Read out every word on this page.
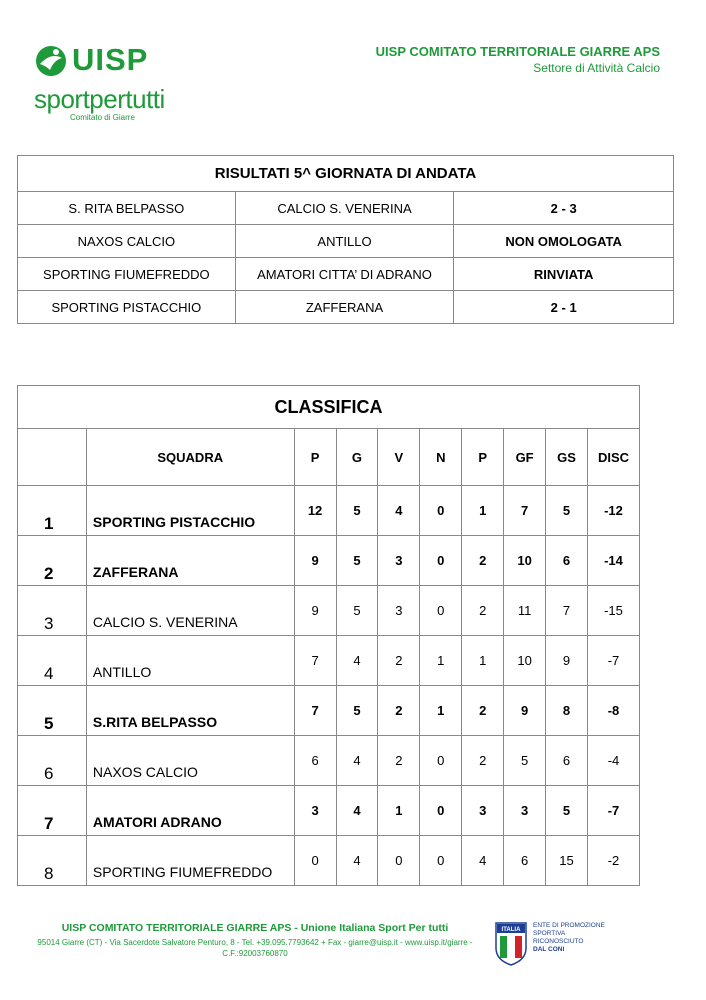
UISP
sportpertutti
Comitato di Giarre
UISP COMITATO TERRITORIALE GIARRE APS
Settore di Attività Calcio
RISULTATI 5^ GIORNATA DI ANDATA		
S. RITA BELPASSO	CALCIO S. VENERINA	2 - 3
NAXOS CALCIO	ANTILLO	NON OMOLOGATA
SPORTING FIUMEFREDDO	AMATORI CITTA’ DI ADRANO	RINVIATA
SPORTING PISTACCHIO	ZAFFERANA	2 - 1
CLASSIFICA									
	SQUADRA	P	G	V	N	P	GF	GS	DISC
1	SPORTING PISTACCHIO	12	5	4	0	1	7	5	-12
2	ZAFFERANA	9	5	3	0	2	10	6	-14
3	CALCIO S. VENERINA	9	5	3	0	2	11	7	-15
4	ANTILLO	7	4	2	1	1	10	9	-7
5	S.RITA BELPASSO	7	5	2	1	2	9	8	-8
6	NAXOS CALCIO	6	4	2	0	2	5	6	-4
7	AMATORI ADRANO	3	4	1	0	3	3	5	-7
8	SPORTING FIUMEFREDDO	0	4	0	0	4	6	15	-2
UISP COMITATO TERRITORIALE GIARRE APS - Unione Italiana Sport Per tutti
95014 Giarre (CT) - Via Sacerdote Salvatore Penturo, 8 - Tel. +39.095.7793642 + Fax - giarre@uisp.it - www.uisp.it/giarre -
C.F.:92003760870
ITALIA
ENTE DI PROMOZIONE
SPORTIVA
RICONOSCIUTO
DAL CONI
